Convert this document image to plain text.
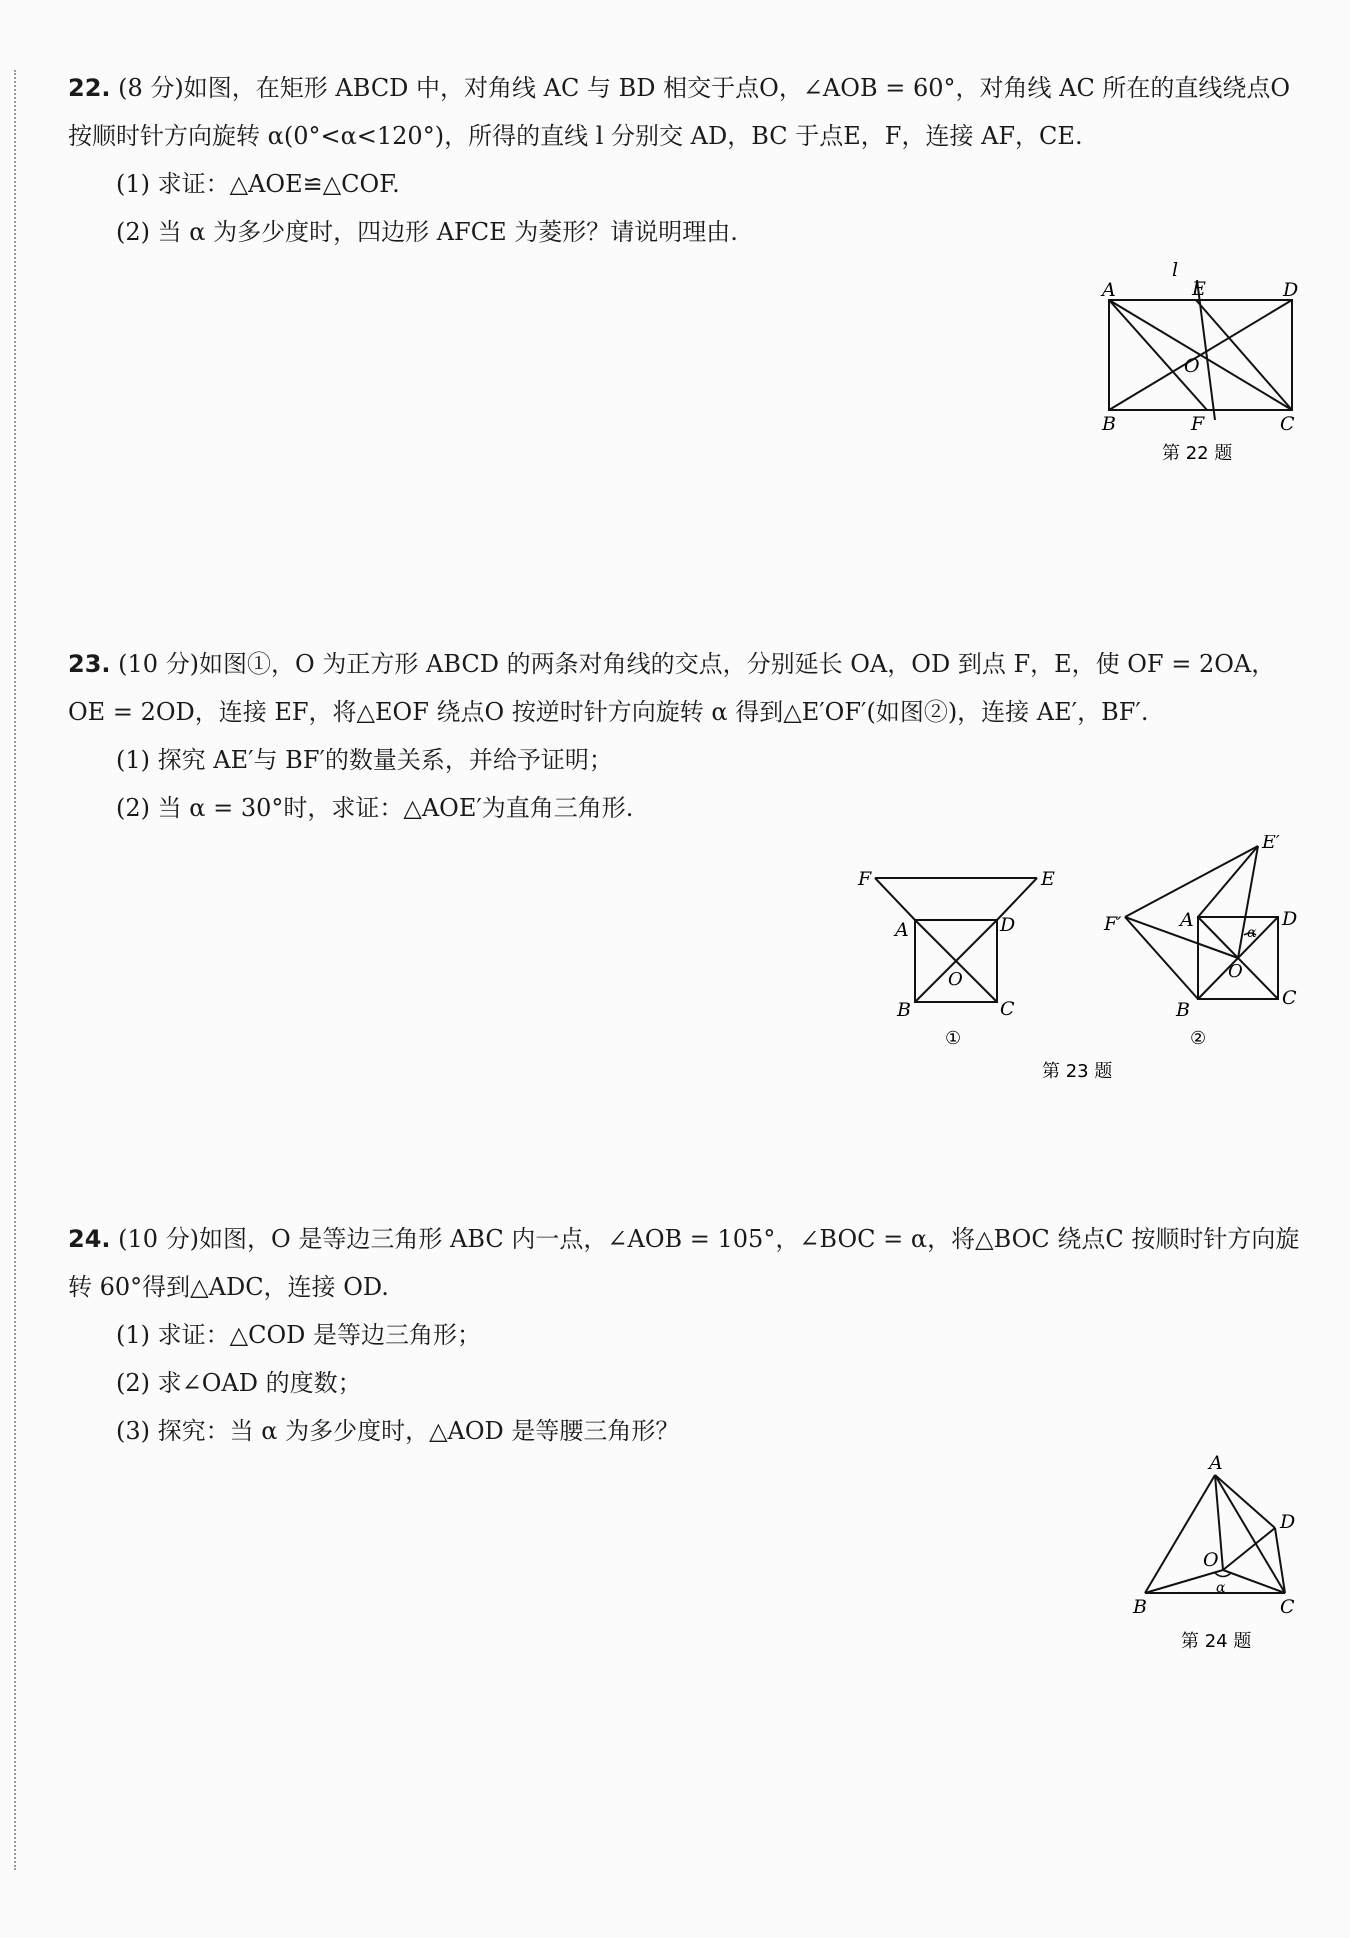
22. (8 分)如图，在矩形 ABCD 中，对角线 AC 与 BD 相交于点O，∠AOB = 60°，对角线 AC 所在的直线绕点O
按顺时针方向旋转 α(0°<α<120°)，所得的直线 l 分别交 AD，BC 于点E，F，连接 AF，CE.
(1) 求证：△AOE≌△COF.
(2) 当 α 为多少度时，四边形 AFCE 为菱形？请说明理由.
A
B	C
D
E
F
O
l
第 22 题
23. (10 分)如图①，O 为正方形 ABCD 的两条对角线的交点，分别延长 OA，OD 到点 F，E，使 OF = 2OA，
OE = 2OD，连接 EF，将△EOF 绕点O 按逆时针方向旋转 α 得到△E′OF′(如图②)，连接 AE′，BF′.
(1) 探究 AE′与 BF′的数量关系，并给予证明；
(2) 当 α = 30°时，求证：△AOE′为直角三角形.
F	E
A	D
B	C
O
①
E′
F′	A	D
B
C
O
α
②
第 23 题
24. (10 分)如图，O 是等边三角形 ABC 内一点，∠AOB = 105°，∠BOC = α，将△BOC 绕点C 按顺时针方向旋
转 60°得到△ADC，连接 OD.
(1) 求证：△COD 是等边三角形；
(2) 求∠OAD 的度数；
(3) 探究：当 α 为多少度时，△AOD 是等腰三角形？
A
B	C
D
O
α
第 24 题
